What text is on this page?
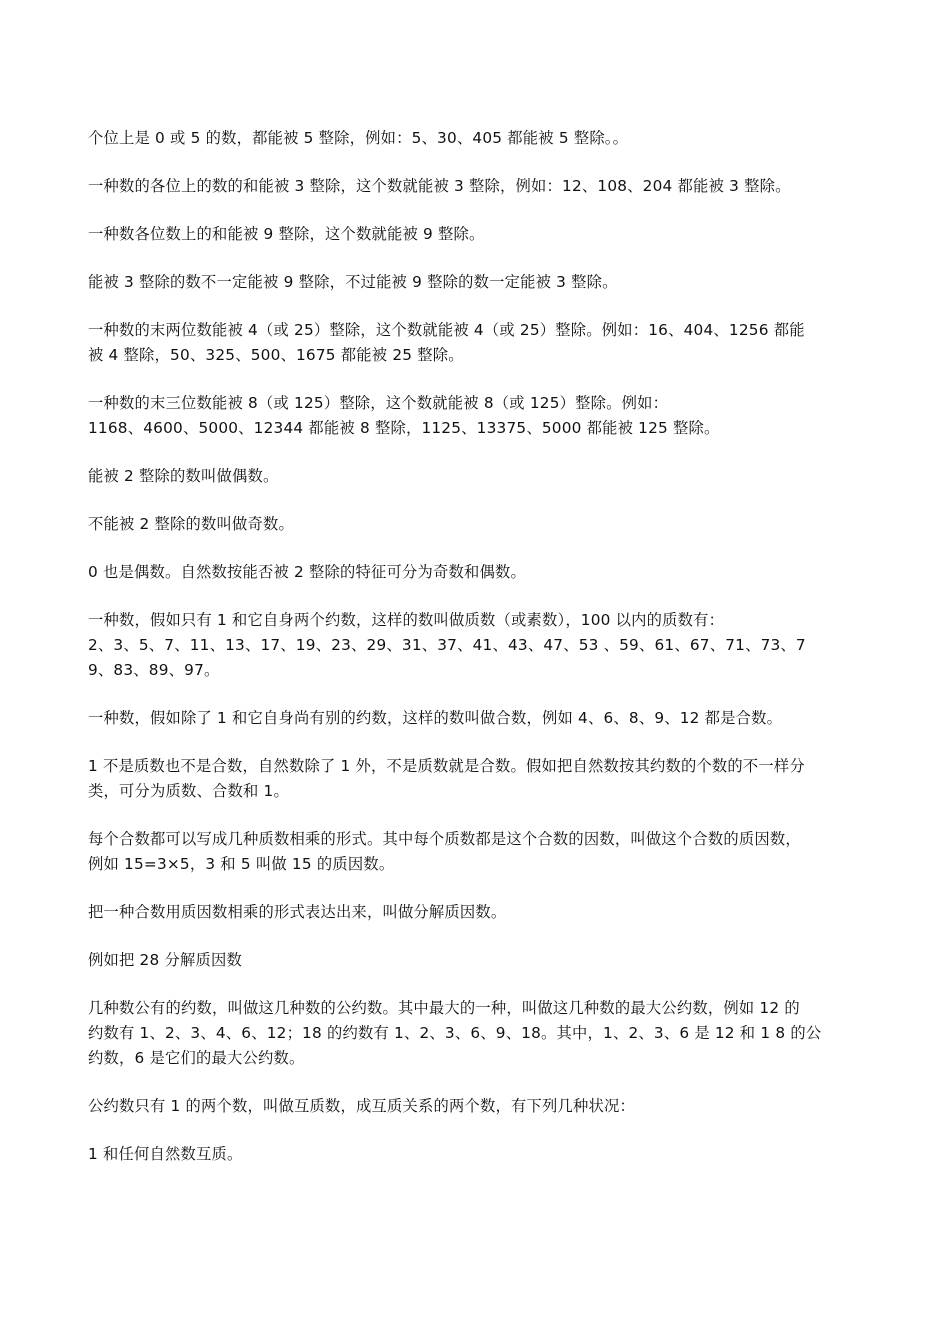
个位上是 0 或 5 的数，都能被 5 整除，例如：5、30、405 都能被 5 整除。。

一种数的各位上的数的和能被 3 整除，这个数就能被 3 整除，例如：12、108、204 都能被 3 整除。

一种数各位数上的和能被 9 整除，这个数就能被 9 整除。

能被 3 整除的数不一定能被 9 整除，不过能被 9 整除的数一定能被 3 整除。

一种数的末两位数能被 4（或 25）整除，这个数就能被 4（或 25）整除。例如：16、404、1256 都能
被 4 整除，50、325、500、1675 都能被 25 整除。

一种数的末三位数能被 8（或 125）整除，这个数就能被 8（或 125）整除。例如：
1168、4600、5000、12344 都能被 8 整除，1125、13375、5000 都能被 125 整除。

能被 2 整除的数叫做偶数。

不能被 2 整除的数叫做奇数。

0 也是偶数。自然数按能否被 2 整除的特征可分为奇数和偶数。

一种数，假如只有 1 和它自身两个约数，这样的数叫做质数（或素数），100 以内的质数有：
2、3、5、7、11、13、17、19、23、29、31、37、41、43、47、53 、59、61、67、71、73、7
9、83、89、97。

一种数，假如除了 1 和它自身尚有别的约数，这样的数叫做合数，例如 4、6、8、9、12 都是合数。

1 不是质数也不是合数，自然数除了 1 外，不是质数就是合数。假如把自然数按其约数的个数的不一样分
类，可分为质数、合数和 1。

每个合数都可以写成几种质数相乘的形式。其中每个质数都是这个合数的因数，叫做这个合数的质因数，
例如 15=3×5，3 和 5 叫做 15 的质因数。

把一种合数用质因数相乘的形式表达出来，叫做分解质因数。

例如把 28 分解质因数

几种数公有的约数，叫做这几种数的公约数。其中最大的一种，叫做这几种数的最大公约数，例如 12 的
约数有 1、2、3、4、6、12；18 的约数有 1、2、3、6、9、18。其中，1、2、3、6 是 12 和 1 8 的公
约数，6 是它们的最大公约数。

公约数只有 1 的两个数，叫做互质数，成互质关系的两个数，有下列几种状况：

1 和任何自然数互质。
